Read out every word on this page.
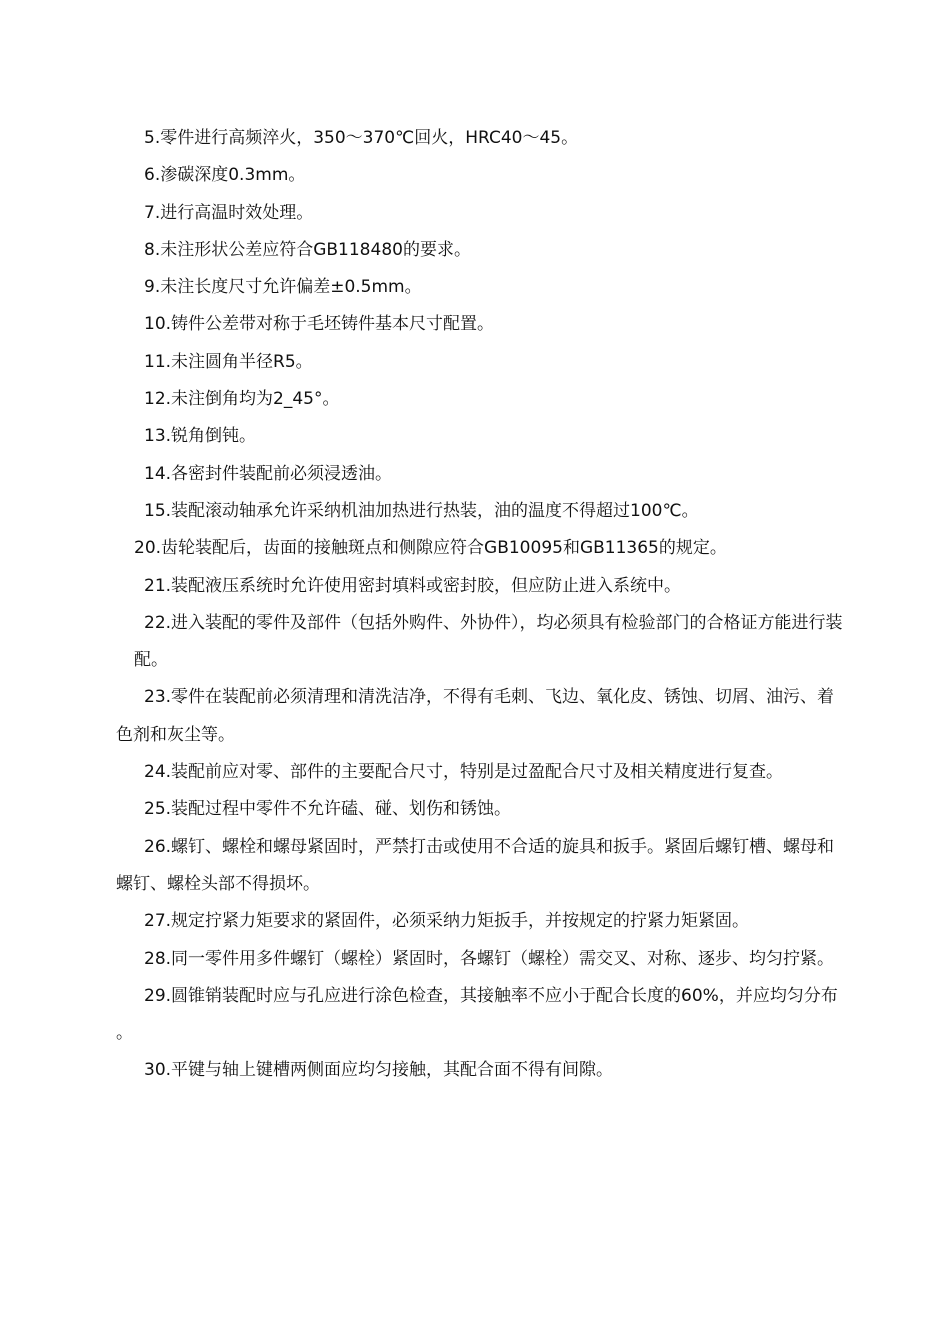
5.零件进行高频淬火，350～370℃回火，HRC40～45。

6.渗碳深度0.3mm。

7.进行高温时效处理。

8.未注形状公差应符合GB118480的要求。

9.未注长度尺寸允许偏差±0.5mm。

10.铸件公差带对称于毛坯铸件基本尺寸配置。

11.未注圆角半径R5。

12.未注倒角均为2_45°。

13.锐角倒钝。

14.各密封件装配前必须浸透油。

15.装配滚动轴承允许采纳机油加热进行热装，油的温度不得超过100℃。

20.齿轮装配后，齿面的接触斑点和侧隙应符合GB10095和GB11365的规定。

21.装配液压系统时允许使用密封填料或密封胶，但应防止进入系统中。

22.进入装配的零件及部件（包括外购件、外协件），均必须具有检验部门的合格证方能进行装

配。

23.零件在装配前必须清理和清洗洁净，不得有毛刺、飞边、氧化皮、锈蚀、切屑、油污、着色剂和灰尘等。

24.装配前应对零、部件的主要配合尺寸，特别是过盈配合尺寸及相关精度进行复查。

25.装配过程中零件不允许磕、碰、划伤和锈蚀。

26.螺钉、螺栓和螺母紧固时，严禁打击或使用不合适的旋具和扳手。紧固后螺钉槽、螺母和螺钉、螺栓头部不得损坏。

27.规定拧紧力矩要求的紧固件，必须采纳力矩扳手，并按规定的拧紧力矩紧固。

28.同一零件用多件螺钉（螺栓）紧固时，各螺钉（螺栓）需交叉、对称、逐步、均匀拧紧。

29.圆锥销装配时应与孔应进行涂色检查，其接触率不应小于配合长度的60%，并应均匀分布。

30.平键与轴上键槽两侧面应均匀接触，其配合面不得有间隙。
